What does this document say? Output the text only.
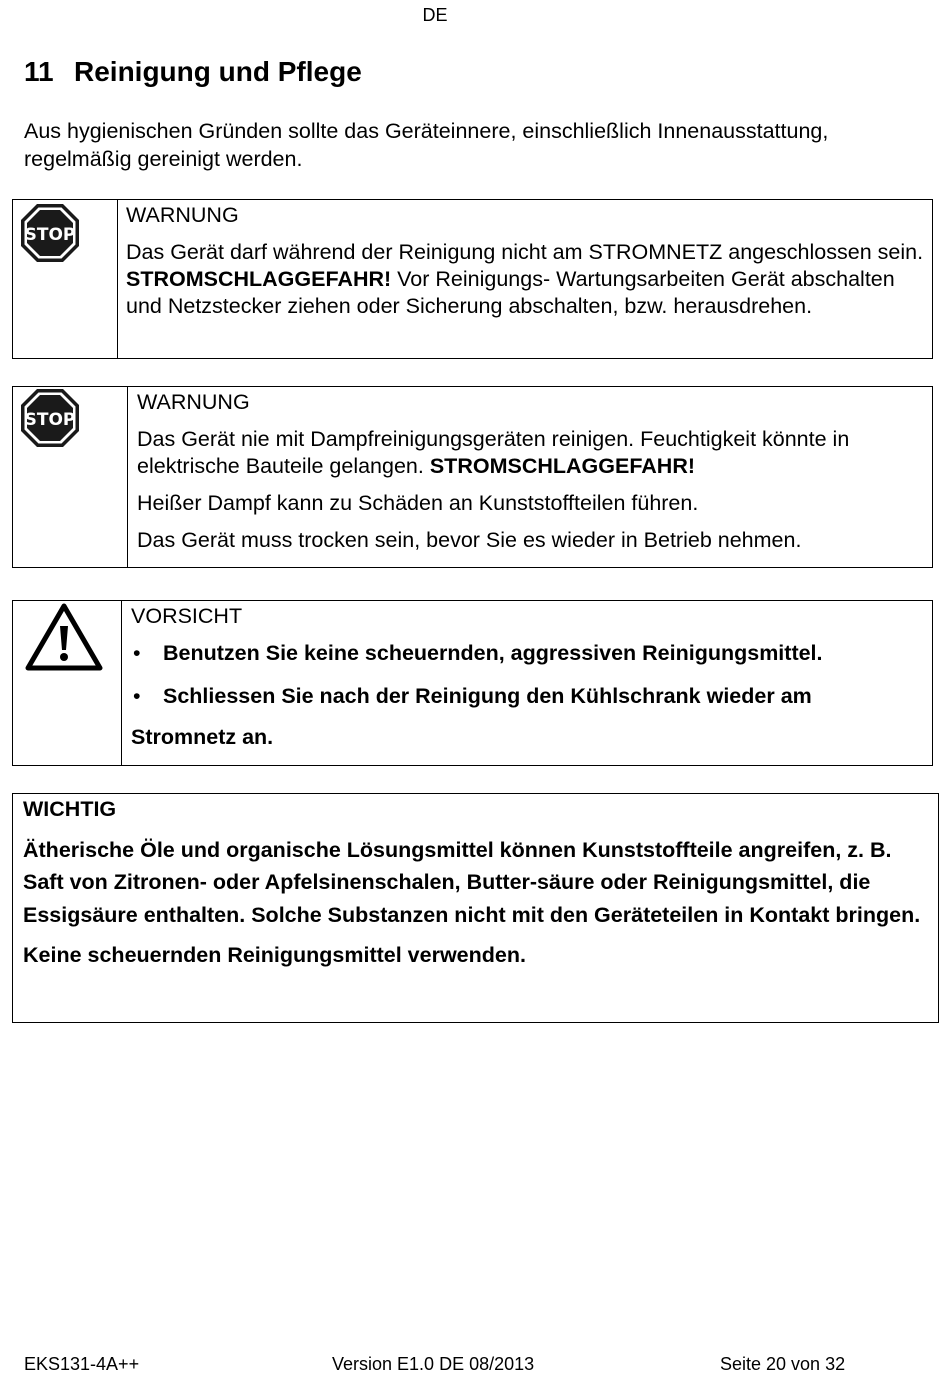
DE
11 Reinigung und Pflege
Aus hygienischen Gründen sollte das Geräteinnere, einschließlich Innenausstattung, regelmäßig gereinigt werden.
STOP
WARNUNG
Das Gerät darf während der Reinigung nicht am STROMNETZ angeschlossen sein. STROMSCHLAGGEFAHR! Vor Reinigungs- Wartungsarbeiten Gerät abschalten und Netzstecker ziehen oder Sicherung abschalten, bzw. herausdrehen.
STOP
WARNUNG
Das Gerät nie mit Dampfreinigungsgeräten reinigen. Feuchtigkeit könnte in elektrische Bauteile gelangen. STROMSCHLAGGEFAHR!
Heißer Dampf kann zu Schäden an Kunststoffteilen führen.
Das Gerät muss trocken sein, bevor Sie es wieder in Betrieb nehmen.
VORSICHT
• Benutzen Sie keine scheuernden, aggressiven Reinigungsmittel.
• Schliessen Sie nach der Reinigung den Kühlschrank wieder am
Stromnetz an.
WICHTIG
Ätherische Öle und organische Lösungsmittel können Kunststoffteile angreifen, z. B. Saft von Zitronen- oder Apfelsinenschalen, Butter-säure oder Reinigungsmittel, die Essigsäure enthalten. Solche Substanzen nicht mit den Geräteteilen in Kontakt bringen.
Keine scheuernden Reinigungsmittel verwenden.
EKS131-4A++	Version E1.0 DE 08/2013	Seite 20 von 32
